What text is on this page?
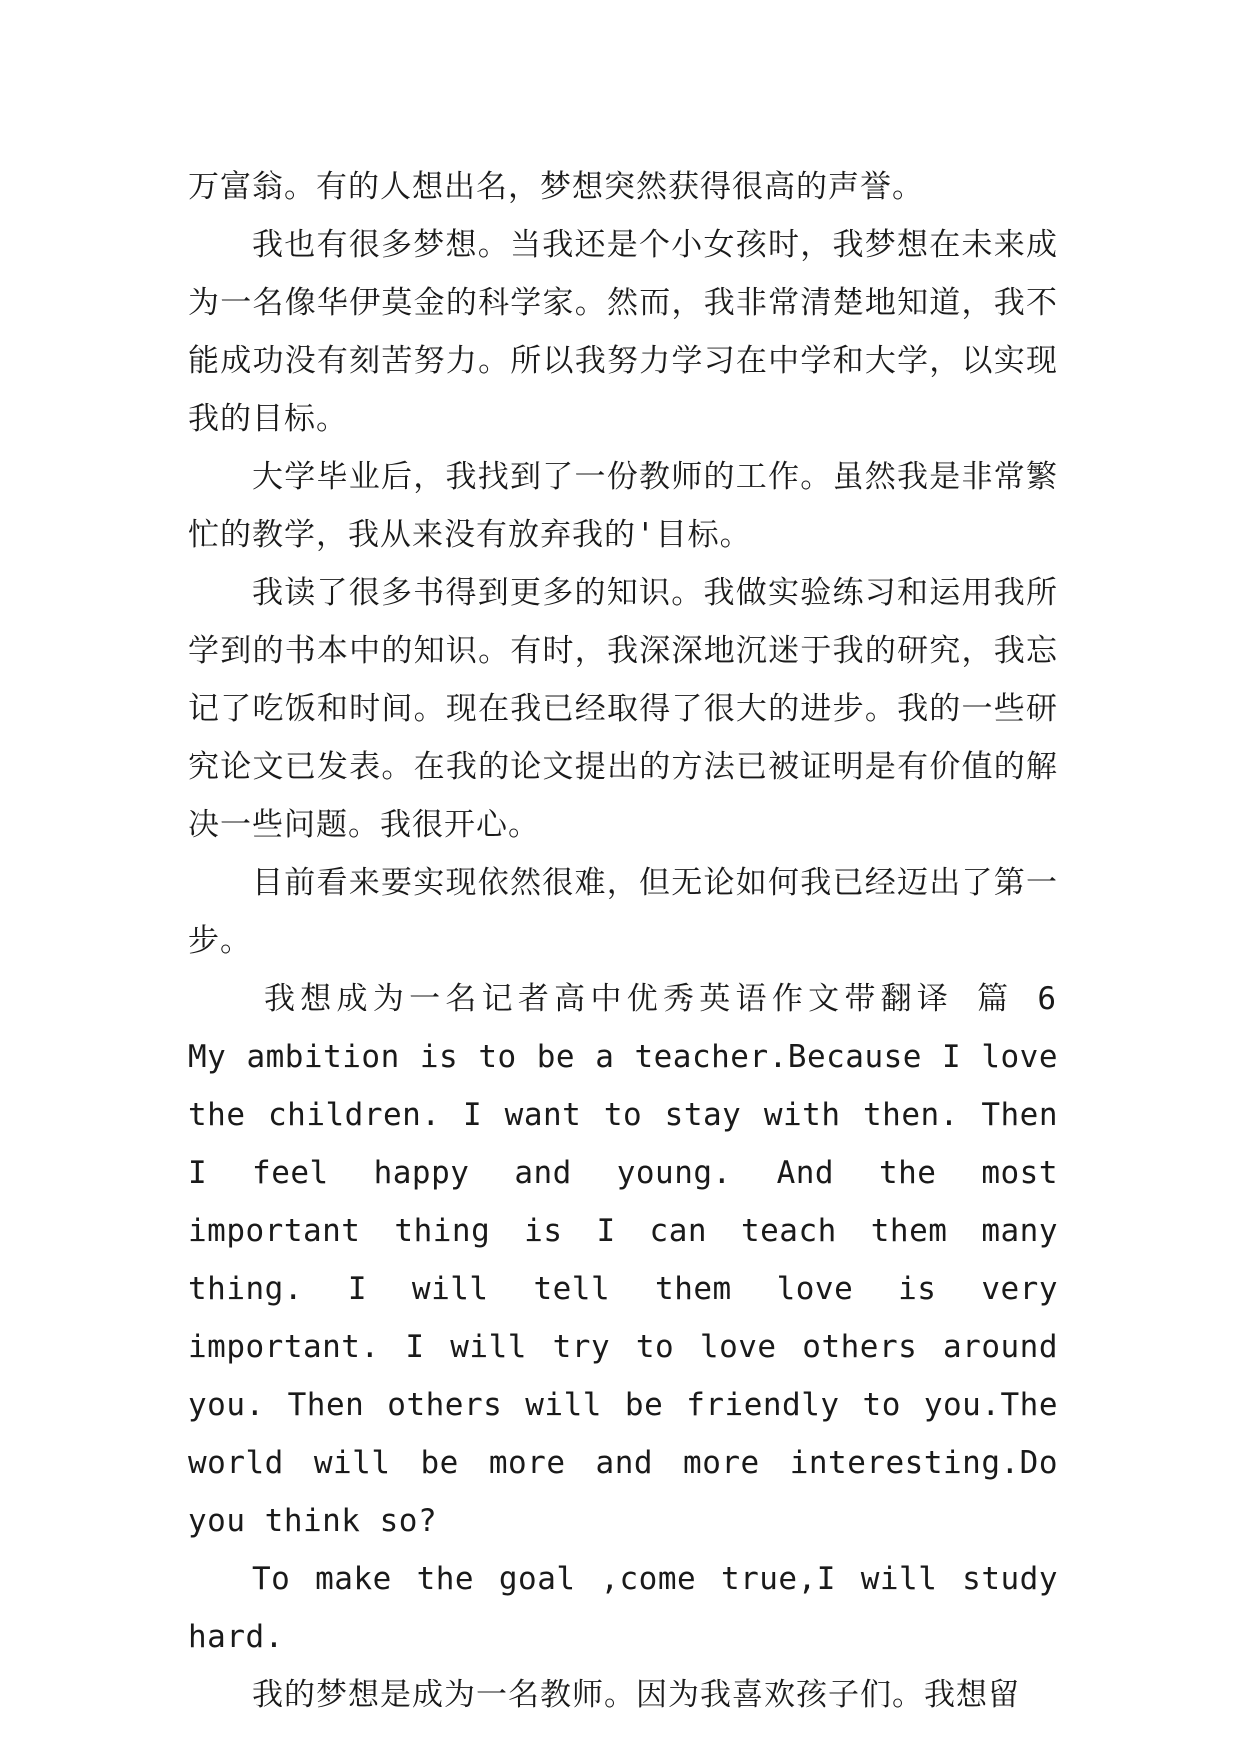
万富翁。有的人想出名，梦想突然获得很高的声誉。

我也有很多梦想。当我还是个小女孩时，我梦想在未来成为一名像华伊莫金的科学家。然而，我非常清楚地知道，我不能成功没有刻苦努力。所以我努力学习在中学和大学，以实现我的目标。

大学毕业后，我找到了一份教师的工作。虽然我是非常繁忙的教学，我从来没有放弃我的'目标。

我读了很多书得到更多的知识。我做实验练习和运用我所学到的书本中的知识。有时，我深深地沉迷于我的研究，我忘记了吃饭和时间。现在我已经取得了很大的进步。我的一些研究论文已发表。在我的论文提出的方法已被证明是有价值的解决一些问题。我很开心。

目前看来要实现依然很难，但无论如何我已经迈出了第一步。

我想成为一名记者高中优秀英语作文带翻译 篇 6

My ambition is to be a teacher.Because I love the children. I want to stay with then. Then I feel happy and young. And the most important thing is I can teach them many thing. I will tell them love is very important. I will try to love others around you. Then others will be friendly to you.The world will be more and more interesting.Do you think so?

To make the goal ,come true,I will study hard.

我的梦想是成为一名教师。因为我喜欢孩子们。我想留
